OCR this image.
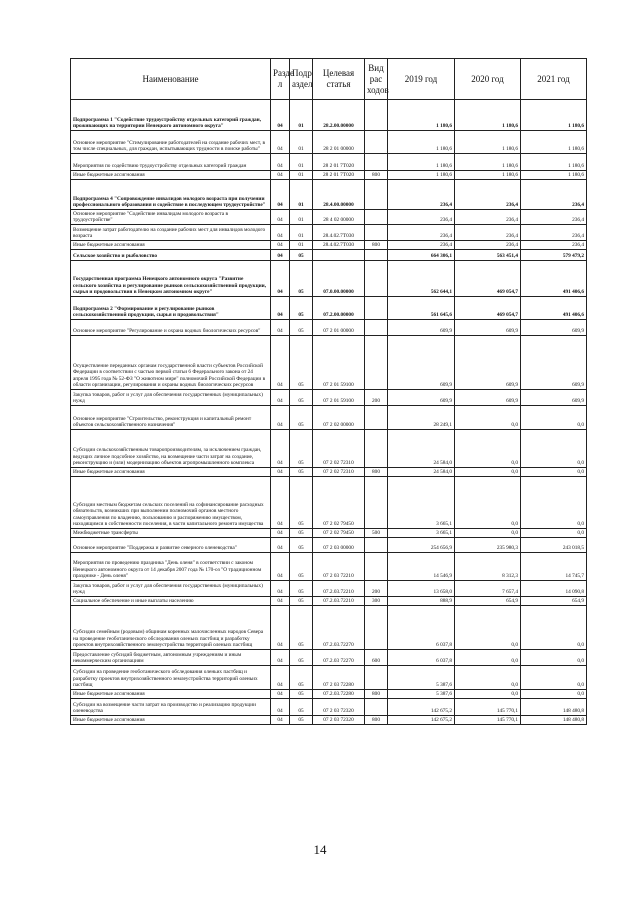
Наименование	Разде л	Подр аздел	Целевая статья	Вид рас ходов	2019 год	2020 год	2021 год
Подпрограмма 1 "Содействие трудоустройству отдельных категорий граждан, проживающих на территории Ненецкого автономного округа"	04	01	28.2.00.00000		1 180,6	1 180,6	1 180,6
Основное мероприятие "Стимулирование работодателей на создание рабочих мест, в том числе специальных, для граждан, испытывающих трудности в поиске работы"	04	01	28 2 01 00000		1 180,6	1 180,6	1 180,6
Мероприятия по содействию трудоустройству отдельных категорий граждан	04	01	28 2 01 7Т020		1 180,6	1 180,6	1 180,6
Иные бюджетные ассигнования	04	01	28 2 01 7Т020	800	1 180,6	1 180,6	1 180,6
Подпрограмма 4 "Сопровождение инвалидов молодого возраста при получении профессионального образования и содействие в последующем трудоустройстве"	04	01	28.4.00.00000		236,4	236,4	236,4
Основное мероприятие "Содействие инвалидам молодого возраста в трудоустройстве"	04	01	28 4 02 00000		236,4	236,4	236,4
Возмещение затрат работодателю на создание рабочих мест для инвалидов молодого возраста	04	01	28.4.02.7Т030		236,4	236,4	236,4
Иные бюджетные ассигнования	04	01	28.4.02.7Т030	800	236,4	236,4	236,4
Сельское хозяйство и рыболовство	04	05			664 306,1	563 451,4	579 479,2
Государственная программа Ненецкого автономного округа "Развитие сельского хозяйства и регулирование рынков сельскохозяйственной продукции, сырья и продовольствия в Ненецком автономном округе"	04	05	07.0.00.00000		562 644,1	469 054,7	491 406,6
Подпрограмма 2 "Формирование и регулирование рынков сельскохозяйственной продукции, сырья и продовольствия"	04	05	07.2.00.00000		561 645,6	469 054,7	491 406,6
Основное мероприятие "Регулирование и охрана водных биологических ресурсов"	04	05	07 2 01 00000		609,9	609,9	609,9
Осуществление переданных органам государственной власти субъектов Российской Федерации в соответствии с частью первой статьи 6 Федерального закона от 24 апреля 1995 года № 52-ФЗ "О животном мире" полномочий Российской Федерации в области организации, регулирования и охраны водных биологических ресурсов	04	05	07 2 01 59100		609,9	609,9	609,9
Закупка товаров, работ и услуг для обеспечения государственных (муниципальных) нужд	04	05	07 2 01 59100	200	609,9	609,9	609,9
Основное мероприятие "Строительство, реконструкция и капитальный ремонт объектов сельскохозяйственного назначения"	04	05	07 2 02 00000		28 249,1	0,0	0,0
Субсидии сельскохозяйственным товаропроизводителям, за исключением граждан, ведущих личное подсобное хозяйство, на возмещение части затрат на создание, реконструкцию и (или) модернизацию объектов агропромышленного комплекса	04	05	07 2 02 72310		24 584,0	0,0	0,0
Иные бюджетные ассигнования	04	05	07 2 02 72310	800	24 584,0	0,0	0,0
Субсидии местным бюджетам сельских поселений на софинансирование расходных обязательств, возникших при выполнении полномочий органов местного самоуправления по владению, пользованию и распоряжению имуществом, находящимся в собственности поселения, в части капитального ремонта имущества	04	05	07 2 02 79450		3 665,1	0,0	0,0
Межбюджетные трансферты	04	05	07 2 02 79450	500	3 665,1	0,0	0,0
Основное мероприятие "Поддержка и развитие северного оленеводства"	04	05	07 2 03 00000		254 656,9	235 980,3	243 018,5
Мероприятия по проведению праздника "День оленя" в соответствии с законом Ненецкого автономного округа от 14 декабря 2007 года № 170-оз "О традиционном празднике - День оленя"	04	05	07 2 03 72210		14 546,9	8 312,3	14 745,7
Закупка товаров, работ и услуг для обеспечения государственных (муниципальных) нужд	04	05	07.2.03.72210	200	13 658,0	7 657,4	14 090,8
Социальное обеспечение и иные выплаты населению	04	05	07.2.03.72210	300	888,9	654,9	654,9
Субсидии семейным (родовым) общинам коренных малочисленных народов Севера на проведение геоботанического обследования оленьих пастбищ и разработку проектов внутрихозяйственного землеустройства территорий оленьих пастбищ	04	05	07.2.03.72270		6 037,8	0,0	0,0
Предоставление субсидий бюджетным, автономным учреждениям и иным некоммерческим организациям	04	05	07.2.03 72270	600	6 037,8	0,0	0,0
Субсидии на проведение геоботанического обследования оленьих пастбищ и разработку проектов внутрихозяйственного землеустройства территорий оленьих пастбищ	04	05	07 2 03 72280		5 387,6	0,0	0,0
Иные бюджетные ассигнования	04	05	07.2.03.72280	800	5 387,6	0,0	0,0
Субсидии на возмещение части затрат на производство и реализацию продукции оленеводства	04	05	07 2 03 72320		142 675,2	145 770,1	148 480,8
Иные бюджетные ассигнования	04	05	07 2 03 72320	800	142 675,2	145 770,1	148 480,8
14
